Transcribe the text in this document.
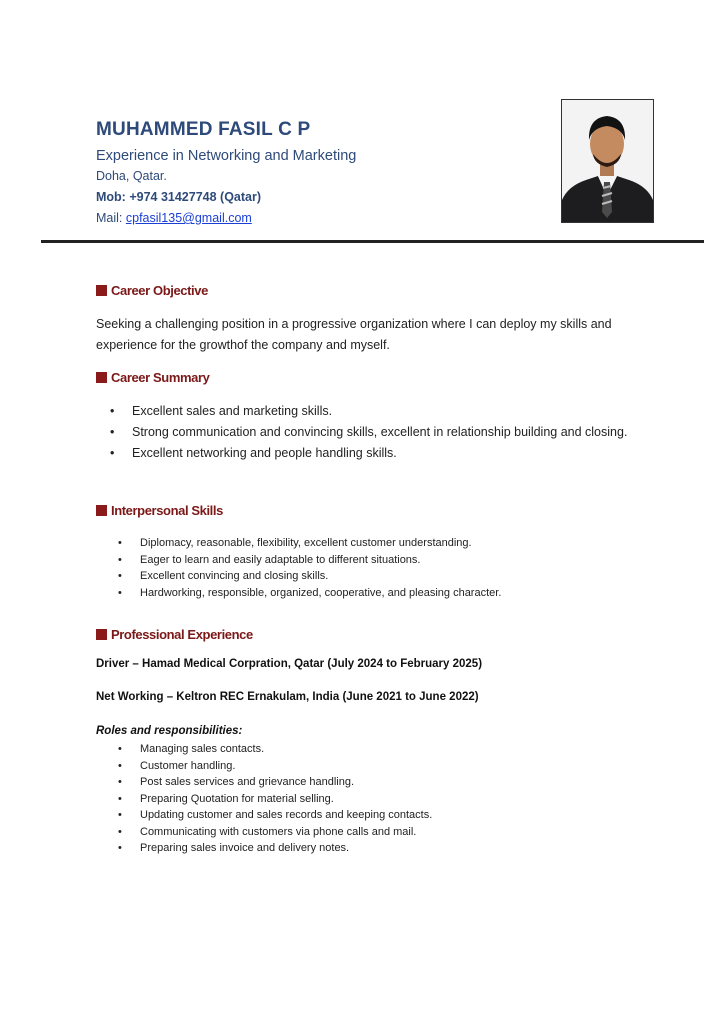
MUHAMMED FASIL C P
Experience in Networking and Marketing
Doha, Qatar.
Mob: +974 31427748 (Qatar)
Mail: cpfasil135@gmail.com
Career Objective
Seeking a challenging position in a progressive organization where I can deploy my skills and experience for the growthof the company and myself.
Career Summary
• Excellent sales and marketing skills.
• Strong communication and convincing skills, excellent in relationship building and closing.
• Excellent networking and people handling skills.
Interpersonal Skills
• Diplomacy, reasonable, flexibility, excellent customer understanding.
• Eager to learn and easily adaptable to different situations.
• Excellent convincing and closing skills.
• Hardworking, responsible, organized, cooperative, and pleasing character.
Professional Experience
Driver – Hamad Medical Corpration, Qatar (July 2024 to February 2025)
Net Working – Keltron REC Ernakulam, India (June 2021 to June 2022)
Roles and responsibilities:
• Managing sales contacts.
• Customer handling.
• Post sales services and grievance handling.
• Preparing Quotation for material selling.
• Updating customer and sales records and keeping contacts.
• Communicating with customers via phone calls and mail.
• Preparing sales invoice and delivery notes.
